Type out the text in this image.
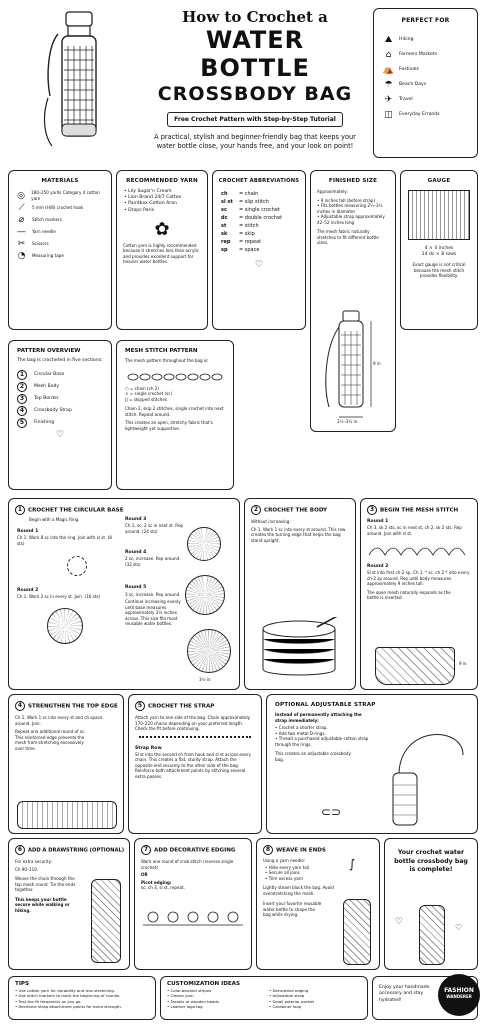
How to Crochet a
WATER BOTTLE
CROSSBODY BAG
Free Crochet Pattern with Step-by-Step Tutorial
A practical, stylish and beginner-friendly bag that keeps your water bottle close, your hands free, and your look on point!
PERFECT FOR
⛰	Hiking
⌂	Farmers Markets
⛺ Festivals
☂	Beach Days
✈	Travel
◫	Everyday Errands
MATERIALS
◎	180–250 yards Category 4 cotton yarn
⟋	5 mm (H/8) crochet hook
⌀	Stitch markers
—	Yarn needle
✂	Scissors
◔	Measuring tape
RECOMMENDED YARN
• Lily Sugar'n Cream
• Lion Brand 24/7 Cotton
• Paintbox Cotton Aran
• Drops Paris
✿
Cotton yarn is highly recommended because it stretches less than acrylic and provides excellent support for heavier water bottles.
CROCHET ABBREVIATIONS
ch	= chain
sl st	= slip stitch
sc	= single crochet
dc	= double crochet
st	= stitch
sk	= skip
rep	= repeat
sp	= space
♡
FINISHED SIZE
Approximately:
• 9 inches tall (before strap)
• Fits bottles measuring 2½–3½ inches in diameter
• Adjustable strap approximately 42–52 inches long
The mesh fabric naturally stretches to fit different bottle sizes.
9 in
2½–3½ in
GAUGE
4 × 4 inches
14 dc × 8 rows
Exact gauge is not critical because the mesh stitch provides flexibility.
PATTERN OVERVIEW
The bag is crocheted in five sections:
1	Circular Base
2	Mesh Body
3	Top Border
4	Crossbody Strap
5	Finishing
♡
MESH STITCH PATTERN
The mesh pattern throughout the bag is:
○ = chain (ch 2)
× = single crochet (sc)
|| = skipped stitches
Chain 2, skip 2 stitches, single crochet into next stitch. Repeat around.
This creates an open, stretchy fabric that's lightweight yet supportive.
1 CROCHET THE CIRCULAR BASE
Begin with a Magic Ring.
Round 1
Ch 1. Work 8 sc into the ring. Join with sl st. (8 sts)
Round 2
Ch 1. Work 2 sc in every st. Join. (16 sts)
Round 3
Ch 1, sc, 2 sc in next st. Rep around. (24 sts)
Round 4
2 sc, increase. Rep around. (32 sts)
Round 5
3 sc, increase. Rep around.
Continue increasing evenly until base measures approximately 3½ inches across. This size fits most reusable water bottles.
3½ in
2 CROCHET THE BODY
Without increasing:
Ch 1. Work 1 sc into every st around. This row creates the turning edge that helps the bag stand upright.
3 BEGIN THE MESH STITCH
Round 1
Ch 3, sk 2 sts, sc in next st, ch 2, sk 2 sts. Rep around. Join with sl st.
Round 2
Sl st into first ch-2 sp. Ch 1. * sc, ch 2 * into every ch-2 sp around. Rep until body measures approximately 9 inches tall.
The open mesh naturally expands as the bottle is inserted.
9 in
4 STRENGTHEN THE TOP EDGE
Ch 1. Work 1 sc into every st and ch space around. Join.
Repeat one additional round of sc. This reinforced edge prevents the mesh from stretching excessively over time.
5 CROCHET THE STRAP
Attach yarn to one side of the bag. Chain approximately 170–220 chains depending on your preferred length. Check the fit before continuing.
Strap Row
Sl st into the second ch from hook and sl st across every chain. This creates a flat, sturdy strap. Attach the opposite end securely to the other side of the bag. Reinforce both attachment points by stitching several extra passes.
OPTIONAL ADJUSTABLE STRAP
Instead of permanently attaching the strap immediately:
• Crochet a shorter strap.
• Add two metal D-rings.
• Thread a purchased adjustable cotton strap through the rings.
This creates an adjustable crossbody bag.
⊂⊃
6 ADD A DRAWSTRING (OPTIONAL)
For extra security:
Ch 90–110.
Weave the chain through the top mesh round. Tie the ends together.
This keeps your bottle secure while walking or hiking.
7 ADD DECORATIVE EDGING
Work one round of crab stitch (reverse single crochet)
OR
Picot edging:
sc, ch 3, sl st, repeat.
8 WEAVE IN ENDS
Using a yarn needle:
• Hide every yarn tail
• Secure all joins
• Trim excess yarn
Lightly steam block the bag. Avoid overstretching the mesh.
Insert your favorite reusable water bottle to shape the bag while drying.
∫
Your crochet water bottle crossbody bag is complete!
♡
♡
TIPS
• Use cotton yarn for durability and less stretching.
• Use stitch markers to mark the beginning of rounds.
• Test the fit frequently as you go.
• Reinforce strap attachment points for extra strength.
CUSTOMIZATION IDEAS
• Color-blocked stripes
• Ombre yarn
• Tassels or wooden beads
• Leather logo tag
• Decorative edging
• Adjustable strap
• Small exterior pocket
• Carabiner loop
Enjoy your handmade accessory and stay hydrated!
FASHION
WANDERER
